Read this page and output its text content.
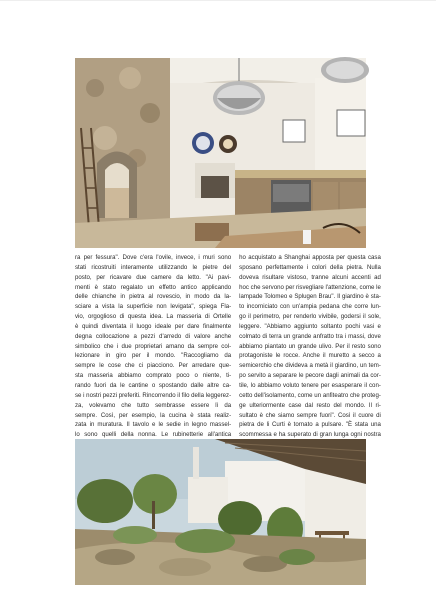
ra per fessura". Dove c'era l'ovile, invece, i muri sono
stati ricostruiti interamente utilizzando le pietre del
posto, per ricavare due camere da letto. "Ai pavi-
menti è stato regalato un effetto antico applicando
delle chianche in pietra al rovescio, in modo da la-
sciare a vista la superficie non levigata", spiega Fla-
vio, orgoglioso di questa idea. La masseria di Ortelle
è quindi diventata il luogo ideale per dare finalmente
degna collocazione a pezzi d'arredo di valore anche
simbolico che i due proprietari amano da sempre col-
lezionare in giro per il mondo. "Raccogliamo da
sempre le cose che ci piacciono. Per arredare que-
sta masseria abbiamo comprato poco o niente, ti-
rando fuori da le cantine o spostando dalle altre ca-
se i nostri pezzi preferiti. Rincorrendo il filo della leggerez-
za, volevamo che tutto sembrasse essere lì da
sempre. Così, per esempio, la cucina è stata realiz-
zata in muratura. Il tavolo e le sedie in legno massel-
lo sono quelli della nonna. Le rubinetterie all'antica
ho acquistato a Shanghai apposta per questa casa
sposano perfettamente i colori della pietra. Nulla
doveva risultare vistoso, tranne alcuni accenti ad
hoc che servono per risvegliare l'attenzione, come le
lampade Tolomeo e Splugen Brau". Il giardino è sta-
to incorniciato con un'ampia pedana che corre lun-
go il perimetro, per renderlo vivibile, godersi il sole,
leggere. "Abbiamo aggiunto soltanto pochi vasi e
colmato di terra un grande anfratto tra i massi, dove
abbiamo piantato un grande ulivo. Per il resto sono
protagoniste le rocce. Anche il muretto a secco a
semicerchio che divideva a metà il giardino, un tem-
po servito a separare le pecore dagli animali da cor-
tile, lo abbiamo voluto tenere per esasperare il con-
cetto dell'isolamento, come un anfiteatro che proteg-
ge ulteriormente case dal resto del mondo. Il ri-
sultato è che siamo sempre fuori". Così il cuore di
pietra de li Curti è tornato a pulsare. "È stata una
scommessa e ha superato di gran lunga ogni nostra
